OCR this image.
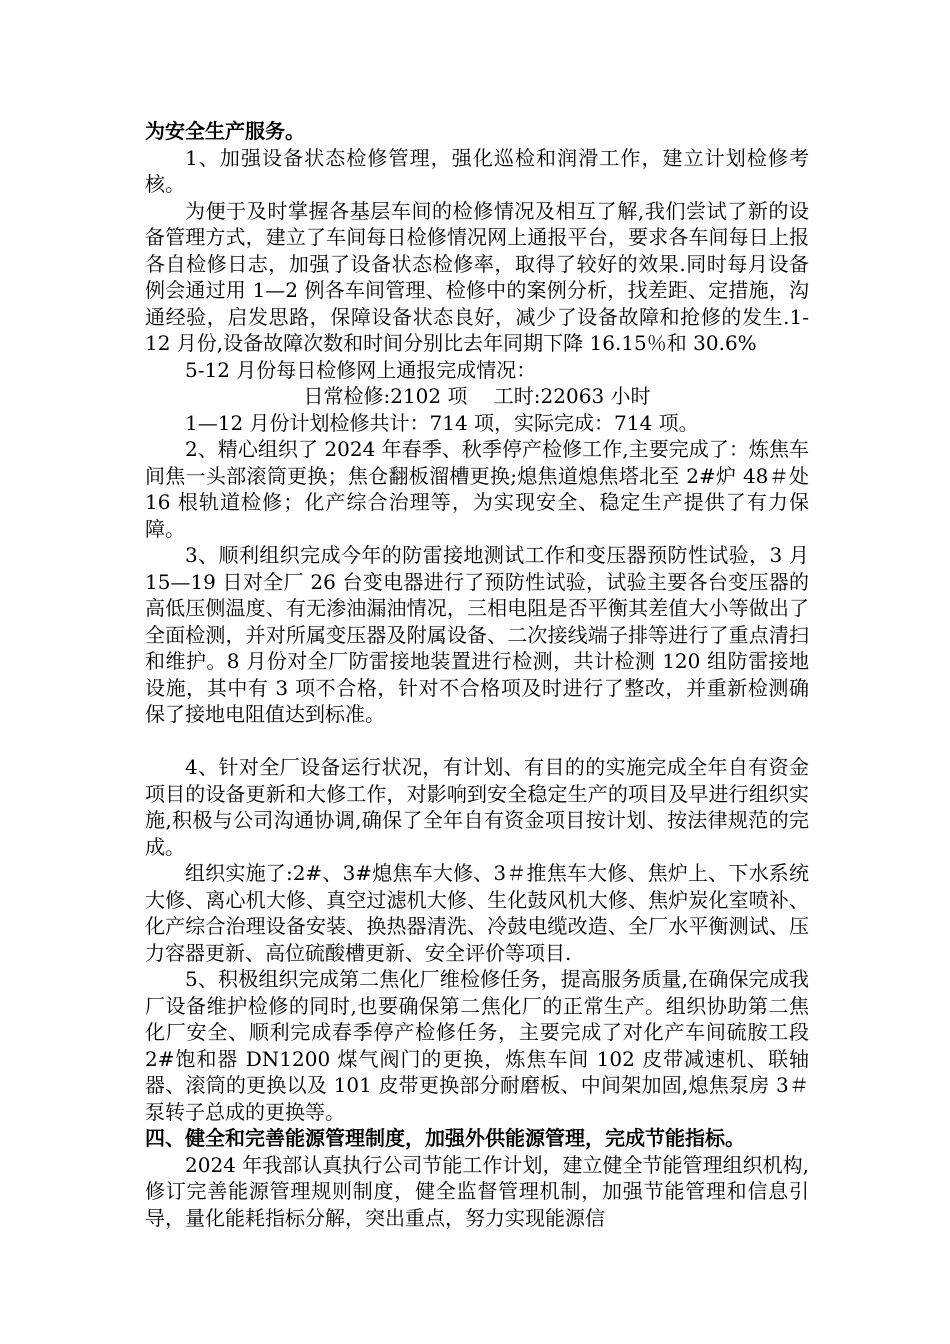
为安全生产服务。

1、加强设备状态检修管理，强化巡检和润滑工作，建立计划检修考核。

为便于及时掌握各基层车间的检修情况及相互了解,我们尝试了新的设备管理方式，建立了车间每日检修情况网上通报平台，要求各车间每日上报各自检修日志，加强了设备状态检修率，取得了较好的效果.同时每月设备例会通过用 1—2 例各车间管理、检修中的案例分析，找差距、定措施，沟通经验，启发思路，保障设备状态良好，减少了设备故障和抢修的发生.1-12 月份,设备故障次数和时间分别比去年同期下降 16.15％和 30.6%

5-12 月份每日检修网上通报完成情况：

日常检修:2102 项　 工时:22063 小时

1—12 月份计划检修共计：714 项，实际完成：714 项。

2、精心组织了 2024 年春季、秋季停产检修工作,主要完成了：炼焦车间焦一头部滚筒更换；焦仓翻板溜槽更换;熄焦道熄焦塔北至 2#炉 48＃处 16 根轨道检修；化产综合治理等，为实现安全、稳定生产提供了有力保障。

3、顺利组织完成今年的防雷接地测试工作和变压器预防性试验，3 月 15—19 日对全厂 26 台变电器进行了预防性试验，试验主要各台变压器的高低压侧温度、有无渗油漏油情况，三相电阻是否平衡其差值大小等做出了全面检测，并对所属变压器及附属设备、二次接线端子排等进行了重点清扫和维护。8 月份对全厂防雷接地装置进行检测，共计检测 120 组防雷接地设施，其中有 3 项不合格，针对不合格项及时进行了整改，并重新检测确保了接地电阻值达到标准。

4、针对全厂设备运行状况，有计划、有目的的实施完成全年自有资金项目的设备更新和大修工作，对影响到安全稳定生产的项目及早进行组织实施,积极与公司沟通协调,确保了全年自有资金项目按计划、按法律规范的完成。

组织实施了:2#、3#熄焦车大修、3＃推焦车大修、焦炉上、下水系统大修、离心机大修、真空过滤机大修、生化鼓风机大修、焦炉炭化室喷补、化产综合治理设备安装、换热器清洗、冷鼓电缆改造、全厂水平衡测试、压力容器更新、高位硫酸槽更新、安全评价等项目.

5、积极组织完成第二焦化厂维检修任务，提高服务质量,在确保完成我厂设备维护检修的同时,也要确保第二焦化厂的正常生产。组织协助第二焦化厂安全、顺利完成春季停产检修任务，主要完成了对化产车间硫胺工段 2#饱和器 DN1200 煤气阀门的更换，炼焦车间 102 皮带减速机、联轴器、滚筒的更换以及 101 皮带更换部分耐磨板、中间架加固,熄焦泵房 3＃泵转子总成的更换等。

四、健全和完善能源管理制度，加强外供能源管理，完成节能指标。

2024 年我部认真执行公司节能工作计划，建立健全节能管理组织机构,修订完善能源管理规则制度，健全监督管理机制，加强节能管理和信息引导，量化能耗指标分解，突出重点，努力实现能源信
